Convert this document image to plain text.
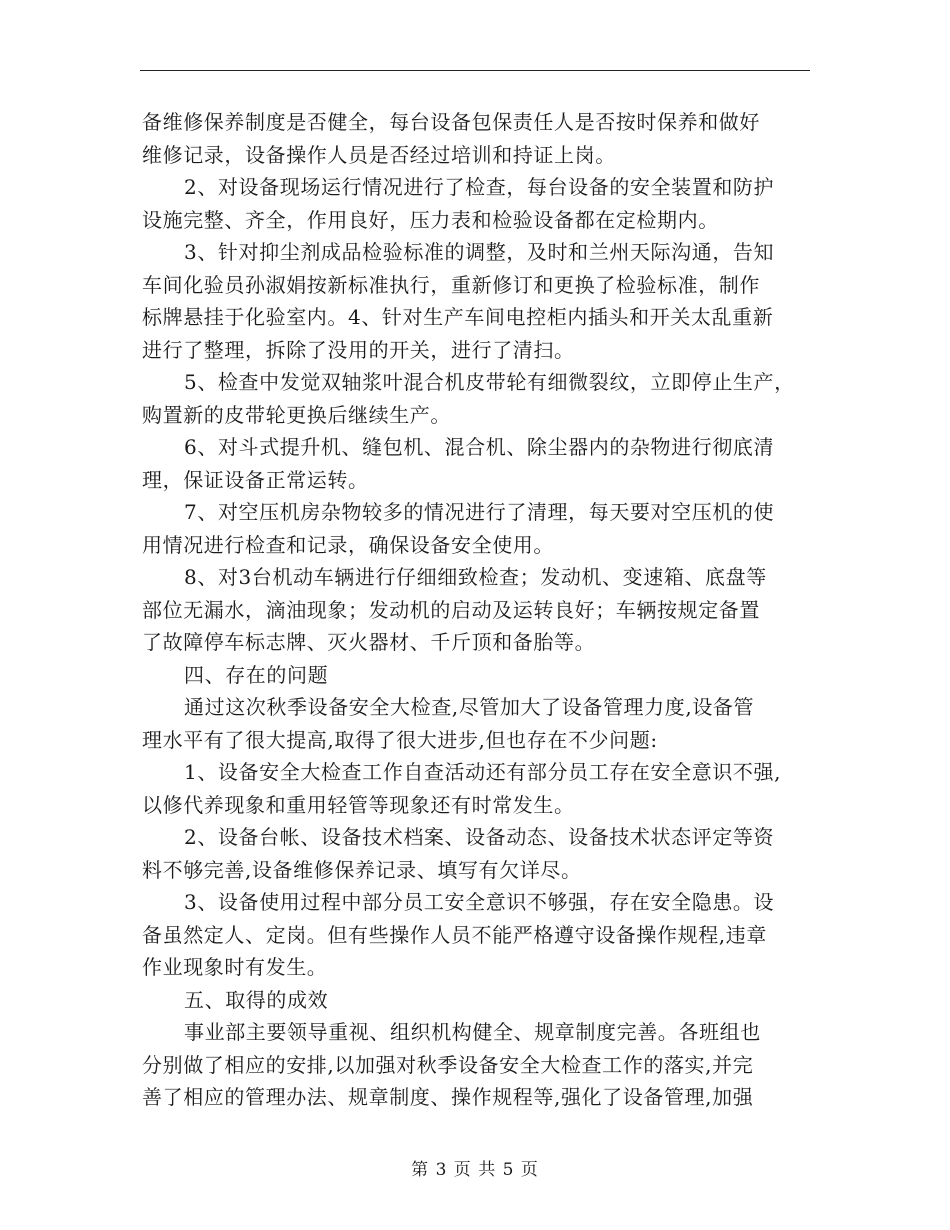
备维修保养制度是否健全，每台设备包保责任人是否按时保养和做好
维修记录，设备操作人员是否经过培训和持证上岗。
2、对设备现场运行情况进行了检查，每台设备的安全装置和防护
设施完整、齐全，作用良好，压力表和检验设备都在定检期内。
3、针对抑尘剂成品检验标准的调整，及时和兰州天际沟通，告知
车间化验员孙淑娟按新标准执行，重新修订和更换了检验标准，制作
标牌悬挂于化验室内。4、针对生产车间电控柜内插头和开关太乱重新
进行了整理，拆除了没用的开关，进行了清扫。
5、检查中发觉双轴浆叶混合机皮带轮有细微裂纹，立即停止生产，
购置新的皮带轮更换后继续生产。
6、对斗式提升机、缝包机、混合机、除尘器内的杂物进行彻底清
理，保证设备正常运转。
7、对空压机房杂物较多的情况进行了清理，每天要对空压机的使
用情况进行检查和记录，确保设备安全使用。
8、对3台机动车辆进行仔细细致检查；发动机、变速箱、底盘等
部位无漏水，滴油现象；发动机的启动及运转良好；车辆按规定备置
了故障停车标志牌、灭火器材、千斤顶和备胎等。
四、存在的问题
通过这次秋季设备安全大检查,尽管加大了设备管理力度,设备管
理水平有了很大提高,取得了很大进步,但也存在不少问题:
1、设备安全大检查工作自查活动还有部分员工存在安全意识不强,
以修代养现象和重用轻管等现象还有时常发生。
2、设备台帐、设备技术档案、设备动态、设备技术状态评定等资
料不够完善,设备维修保养记录、填写有欠详尽。
3、设备使用过程中部分员工安全意识不够强，存在安全隐患。设
备虽然定人、定岗。但有些操作人员不能严格遵守设备操作规程,违章
作业现象时有发生。
五、取得的成效
事业部主要领导重视、组织机构健全、规章制度完善。各班组也
分别做了相应的安排,以加强对秋季设备安全大检查工作的落实,并完
善了相应的管理办法、规章制度、操作规程等,强化了设备管理,加强
第 3 页 共 5 页
